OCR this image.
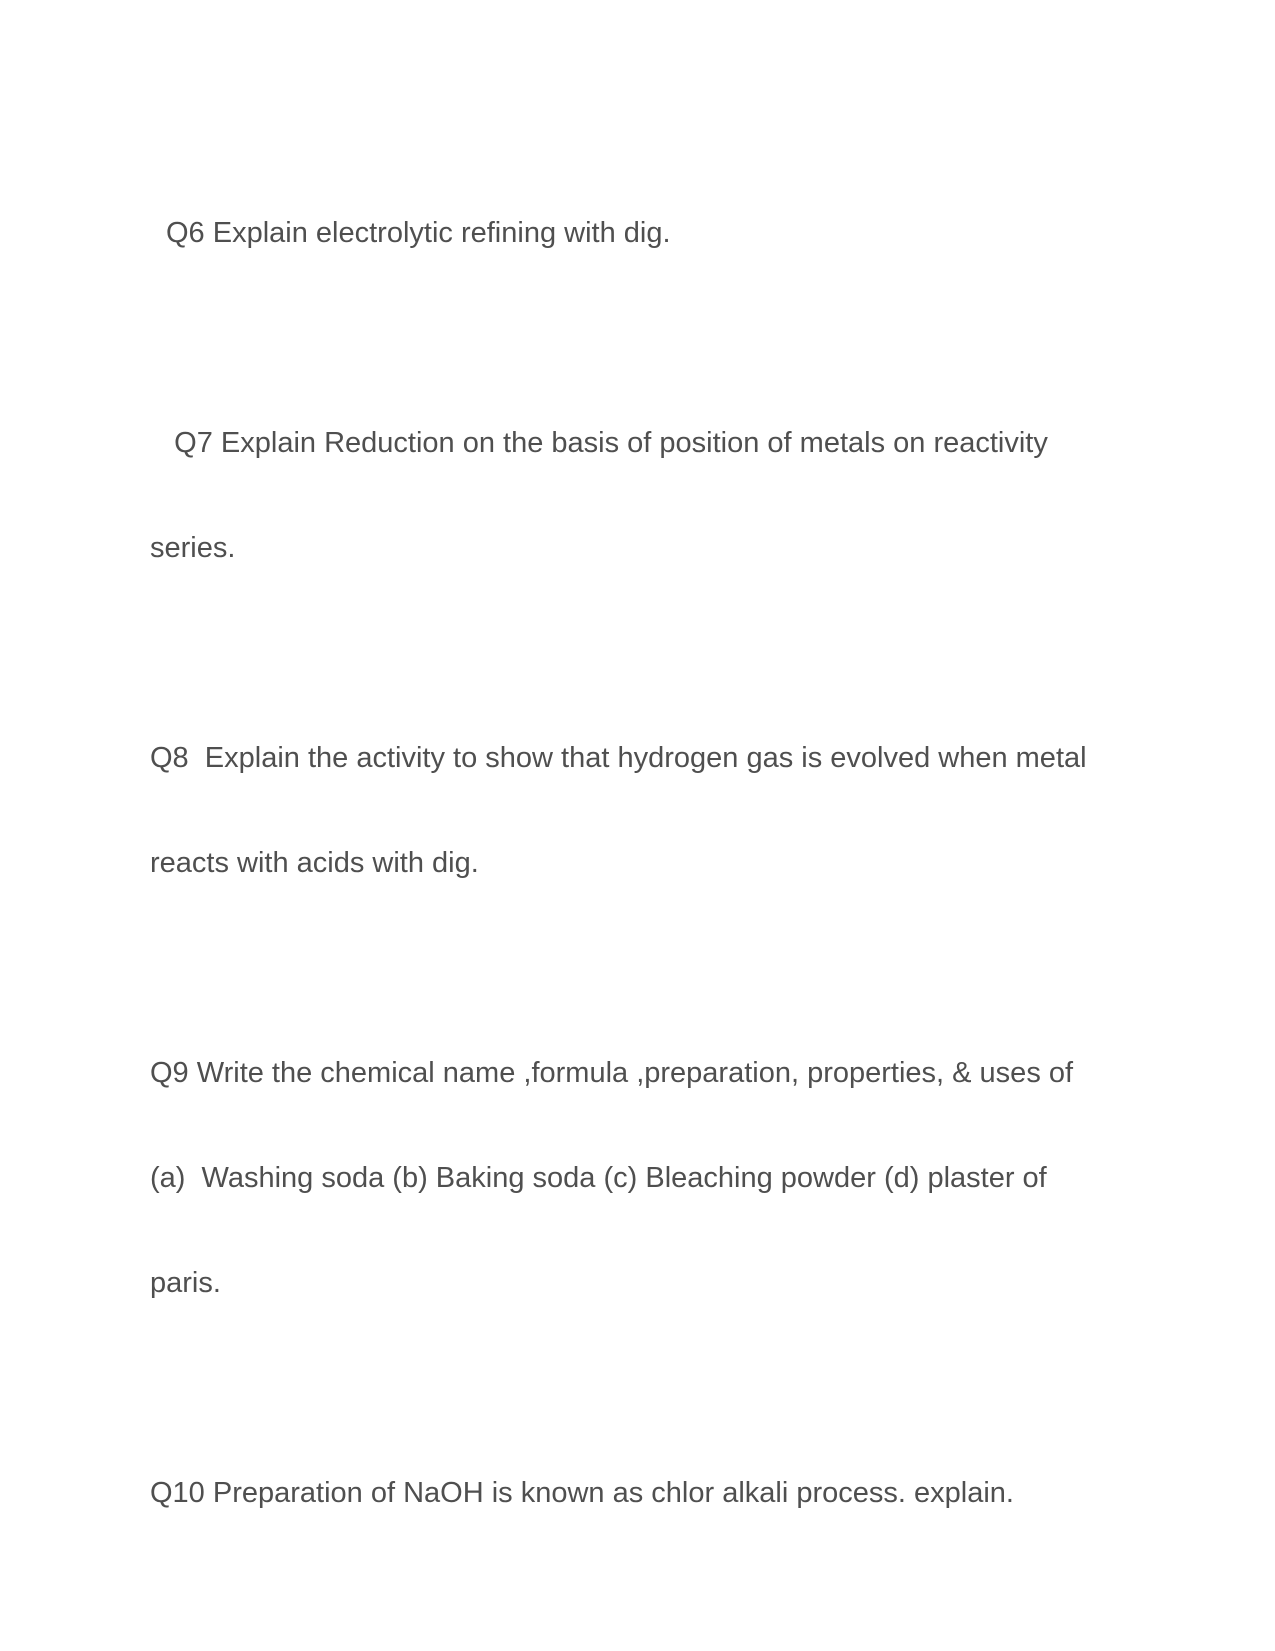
Q6 Explain electrolytic refining with dig.

Q7 Explain Reduction on the basis of position of metals on reactivity

series.

Q8  Explain the activity to show that hydrogen gas is evolved when metal

reacts with acids with dig.

Q9 Write the chemical name ,formula ,preparation, properties, & uses of

(a)  Washing soda (b) Baking soda (c) Bleaching powder (d) plaster of

paris.

Q10 Preparation of NaOH is known as chlor alkali process. explain.
